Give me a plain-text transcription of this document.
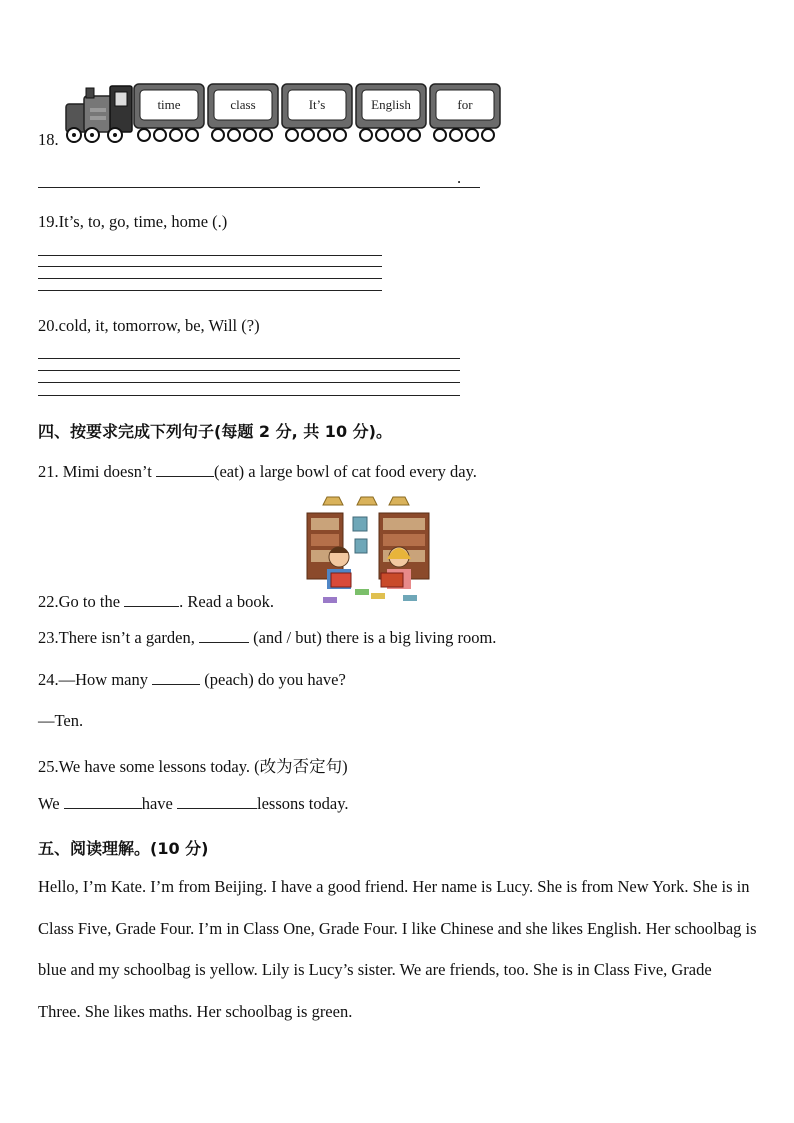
time	class	It’s	English	for
18.
.
19.It’s, to, go, time, home (.)
20.cold, it, tomorrow, be, Will (?)
四、按要求完成下列句子(每题 2 分, 共 10 分)。
21. Mimi doesn’t	(eat) a large bowl of cat food every day.
22.Go to the	. Read a book.
23.There isn’t a garden,	(and / but) there is a big living room.
24.—How many	(peach) do you have?
—Ten.
25.We have some lessons today. (改为否定句)
We	have	lessons today.
五、阅读理解。(10 分)
Hello, I’m Kate. I’m from Beijing. I have a good friend. Her name is Lucy. She is from New York. She is in Class Five, Grade Four. I’m in Class One, Grade Four. I like Chinese and she likes English. Her schoolbag is blue and my schoolbag is yellow. Lily is Lucy’s sister. We are friends, too. She is in Class Five, Grade Three. She likes maths. Her schoolbag is green.
